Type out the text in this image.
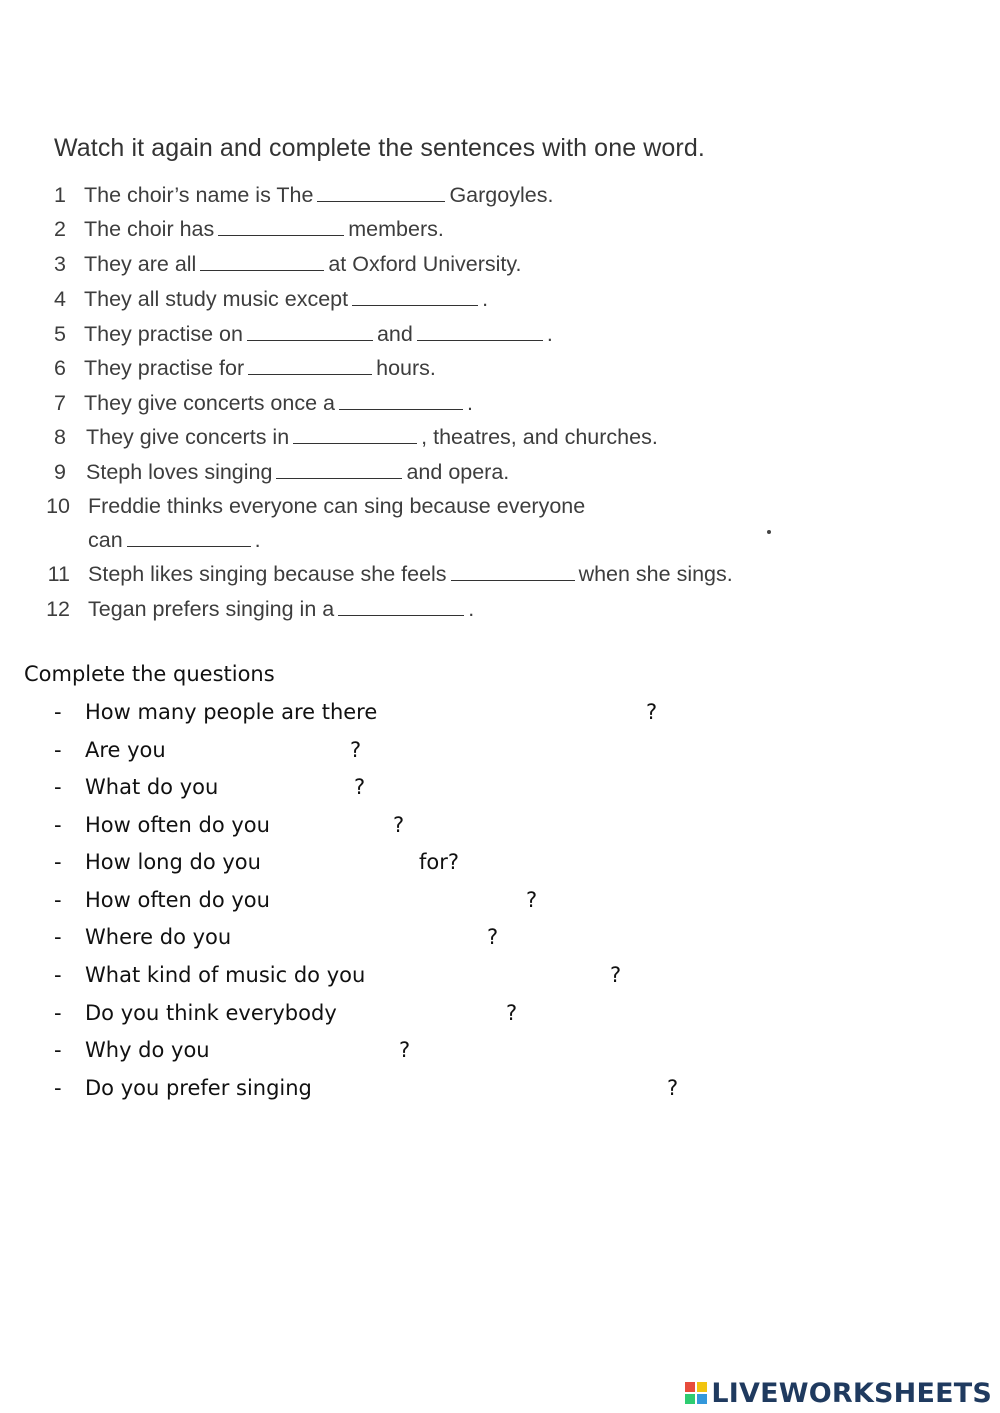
Watch it again and complete the sentences with one word.
1 The choir’s name is The	Gargoyles.
2 The choir has	members.
3 They are all	at Oxford University.
4 They all study music except	.
5 They practise on	and	.
6 They practise for	hours.
7 They give concerts once a	.
8 They give concerts in	, theatres, and churches.
9 Steph loves singing	and opera.
10 Freddie thinks everyone can sing because everyone
can	.
11 Steph likes singing because she feels	when she sings.
12 Tegan prefers singing in a	.
Complete the questions
- How many people are there	?
- Are you	?
- What do you	?
- How often do you	?
- How long do you	for?
- How often do you	?
- Where do you	?
- What kind of music do you	?
- Do you think everybody	?
- Why do you	?
- Do you prefer singing	?
LIVEWORKSHEETS
